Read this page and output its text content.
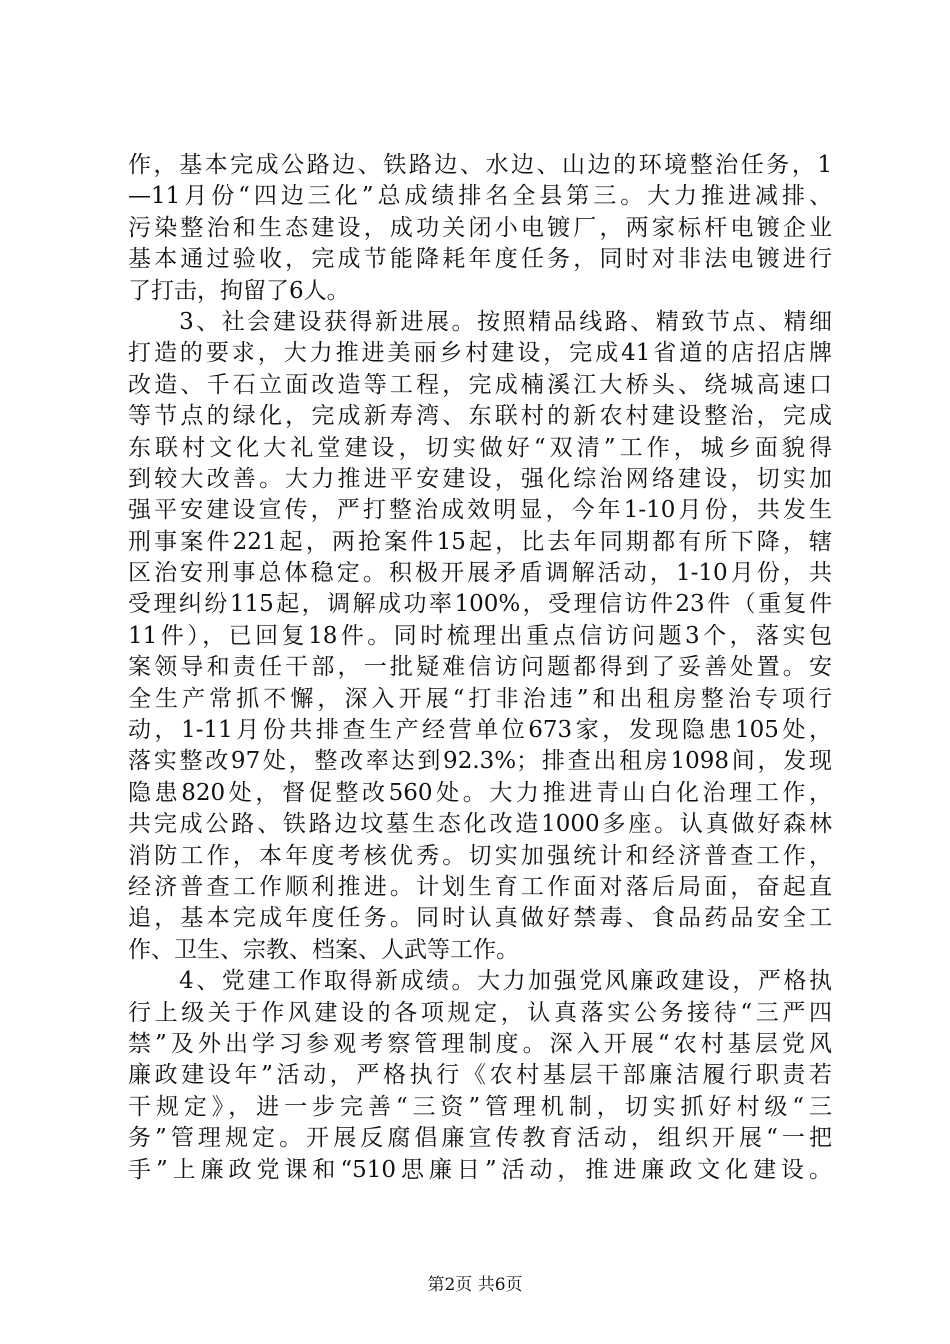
作，基本完成公路边、铁路边、水边、山边的环境整治任务，1
—11月份“四边三化”总成绩排名全县第三。大力推进减排、
污染整治和生态建设，成功关闭小电镀厂，两家标杆电镀企业
基本通过验收，完成节能降耗年度任务，同时对非法电镀进行
了打击，拘留了6人。
　　3、社会建设获得新进展。按照精品线路、精致节点、精细
打造的要求，大力推进美丽乡村建设，完成41省道的店招店牌
改造、千石立面改造等工程，完成楠溪江大桥头、绕城高速口
等节点的绿化，完成新寿湾、东联村的新农村建设整治，完成
东联村文化大礼堂建设，切实做好“双清”工作，城乡面貌得
到较大改善。大力推进平安建设，强化综治网络建设，切实加
强平安建设宣传，严打整治成效明显，今年1-10月份，共发生
刑事案件221起，两抢案件15起，比去年同期都有所下降，辖
区治安刑事总体稳定。积极开展矛盾调解活动，1-10月份，共
受理纠纷115起，调解成功率100%，受理信访件23件（重复件
11件），已回复18件。同时梳理出重点信访问题3个，落实包
案领导和责任干部，一批疑难信访问题都得到了妥善处置。安
全生产常抓不懈，深入开展“打非治违”和出租房整治专项行
动，1-11月份共排查生产经营单位673家，发现隐患105处，
落实整改97处，整改率达到92.3%；排查出租房1098间，发现
隐患820处，督促整改560处。大力推进青山白化治理工作，
共完成公路、铁路边坟墓生态化改造1000多座。认真做好森林
消防工作，本年度考核优秀。切实加强统计和经济普查工作，
经济普查工作顺利推进。计划生育工作面对落后局面，奋起直
追，基本完成年度任务。同时认真做好禁毒、食品药品安全工
作、卫生、宗教、档案、人武等工作。
　　4、党建工作取得新成绩。大力加强党风廉政建设，严格执
行上级关于作风建设的各项规定，认真落实公务接待“三严四
禁”及外出学习参观考察管理制度。深入开展“农村基层党风
廉政建设年”活动，严格执行《农村基层干部廉洁履行职责若
干规定》，进一步完善“三资”管理机制，切实抓好村级“三
务”管理规定。开展反腐倡廉宣传教育活动，组织开展“一把
手”上廉政党课和“510思廉日”活动，推进廉政文化建设。
第2页 共6页
